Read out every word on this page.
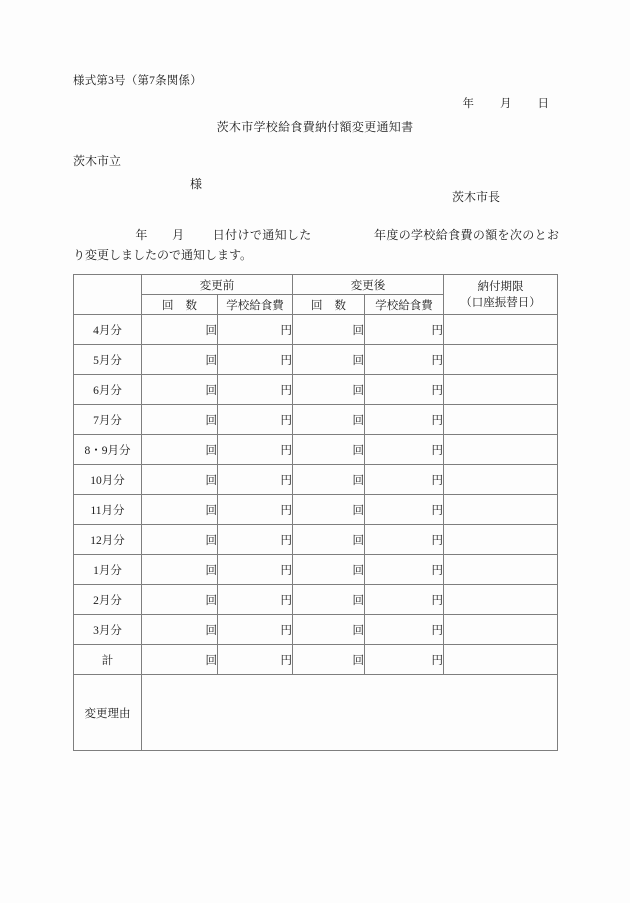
様式第3号（第7条関係）
年 月 日
茨木市学校給食費納付額変更通知書
茨木市立
様
茨木市長
年 月 日付けで通知した	年度の学校給食費の額を次のとおり変更しましたので通知します。
	変更前		変更後		納付期限
（口座振替日）

	回 数	学校給食費	回 数	学校給食費	
4月分	回	円	回	円	
5月分	回	円	回	円	
6月分	回	円	回	円	
7月分	回	円	回	円	
8・9月分	回	円	回	円	
10月分	回	円	回	円	
11月分	回	円	回	円	
12月分	回	円	回	円	
1月分	回	円	回	円	
2月分	回	円	回	円	
3月分	回	円	回	円	
計	回	円	回	円	
変更理由					
